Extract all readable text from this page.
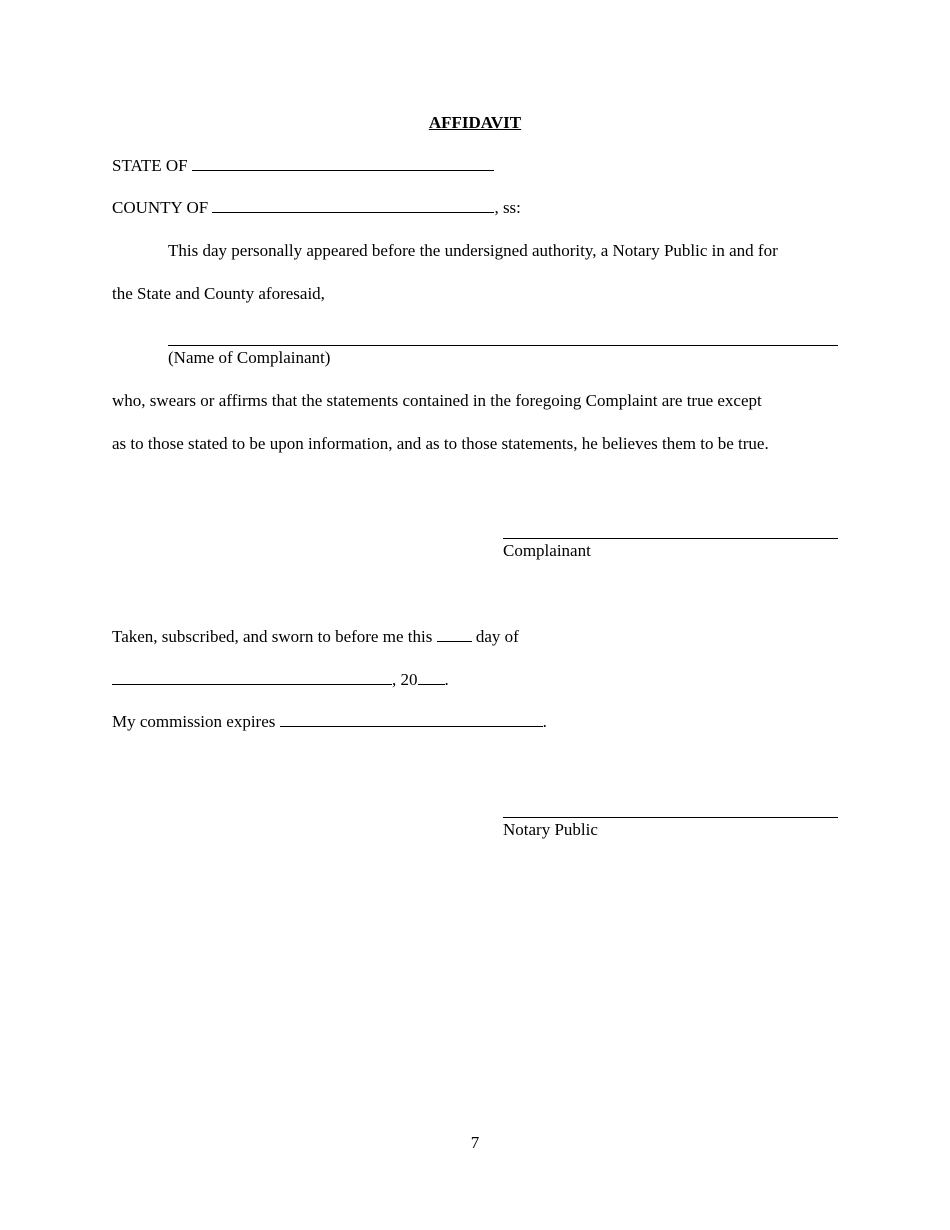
AFFIDAVIT
STATE OF
COUNTY OF	, ss:
This day personally appeared before the undersigned authority, a Notary Public in and for
the State and County aforesaid,
(Name of Complainant)
who, swears or affirms that the statements contained in the foregoing Complaint are true except
as to those stated to be upon information, and as to those statements, he believes them to be true.
Complainant
Taken, subscribed, and sworn to before me this	day of
, 20 .
My commission expires	.
Notary Public
7
